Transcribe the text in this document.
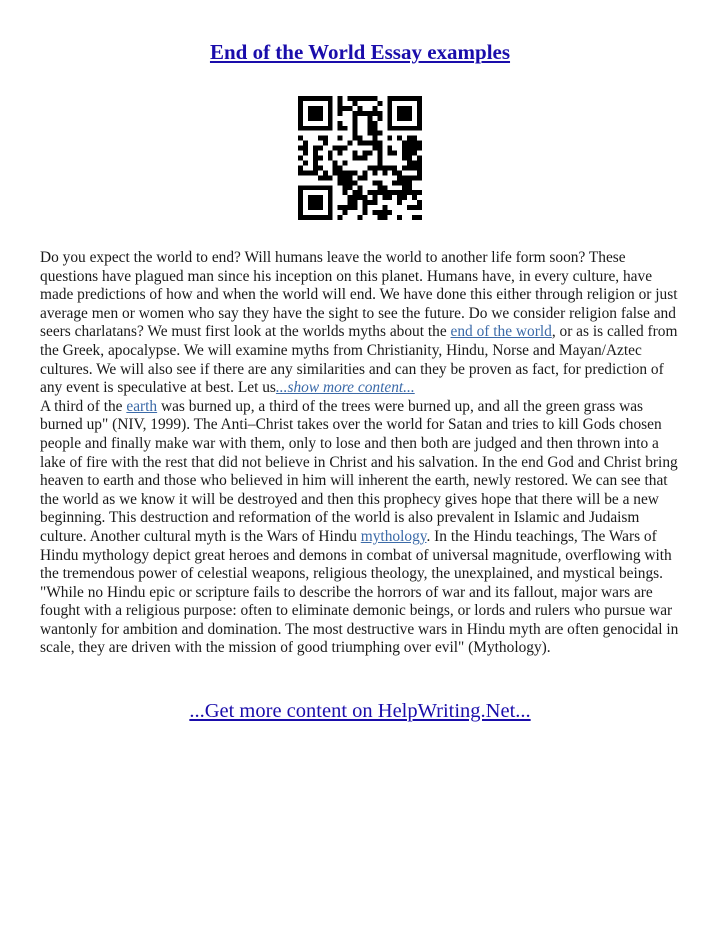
End of the World Essay examples

Do you expect the world to end? Will humans leave the world to another life form soon? These questions have plagued man since his inception on this planet. Humans have, in every culture, have made predictions of how and when the world will end. We have done this either through religion or just average men or women who say they have the sight to see the future. Do we consider religion false and seers charlatans? We must first look at the worlds myths about the end of the world, or as is called from the Greek, apocalypse. We will examine myths from Christianity, Hindu, Norse and Mayan/Aztec cultures. We will also see if there are any similarities and can they be proven as fact, for prediction of any event is speculative at best. Let us...show more content...

A third of the earth was burned up, a third of the trees were burned up, and all the green grass was burned up" (NIV, 1999). The Anti–Christ takes over the world for Satan and tries to kill Gods chosen people and finally make war with them, only to lose and then both are judged and then thrown into a lake of fire with the rest that did not believe in Christ and his salvation. In the end God and Christ bring heaven to earth and those who believed in him will inherent the earth, newly restored. We can see that the world as we know it will be destroyed and then this prophecy gives hope that there will be a new beginning. This destruction and reformation of the world is also prevalent in Islamic and Judaism culture. Another cultural myth is the Wars of Hindu mythology. In the Hindu teachings, The Wars of Hindu mythology depict great heroes and demons in combat of universal magnitude, overflowing with the tremendous power of celestial weapons, religious theology, the unexplained, and mystical beings. "While no Hindu epic or scripture fails to describe the horrors of war and its fallout, major wars are fought with a religious purpose: often to eliminate demonic beings, or lords and rulers who pursue war wantonly for ambition and domination. The most destructive wars in Hindu myth are often genocidal in scale, they are driven with the mission of good triumphing over evil" (Mythology).

...Get more content on HelpWriting.Net...
